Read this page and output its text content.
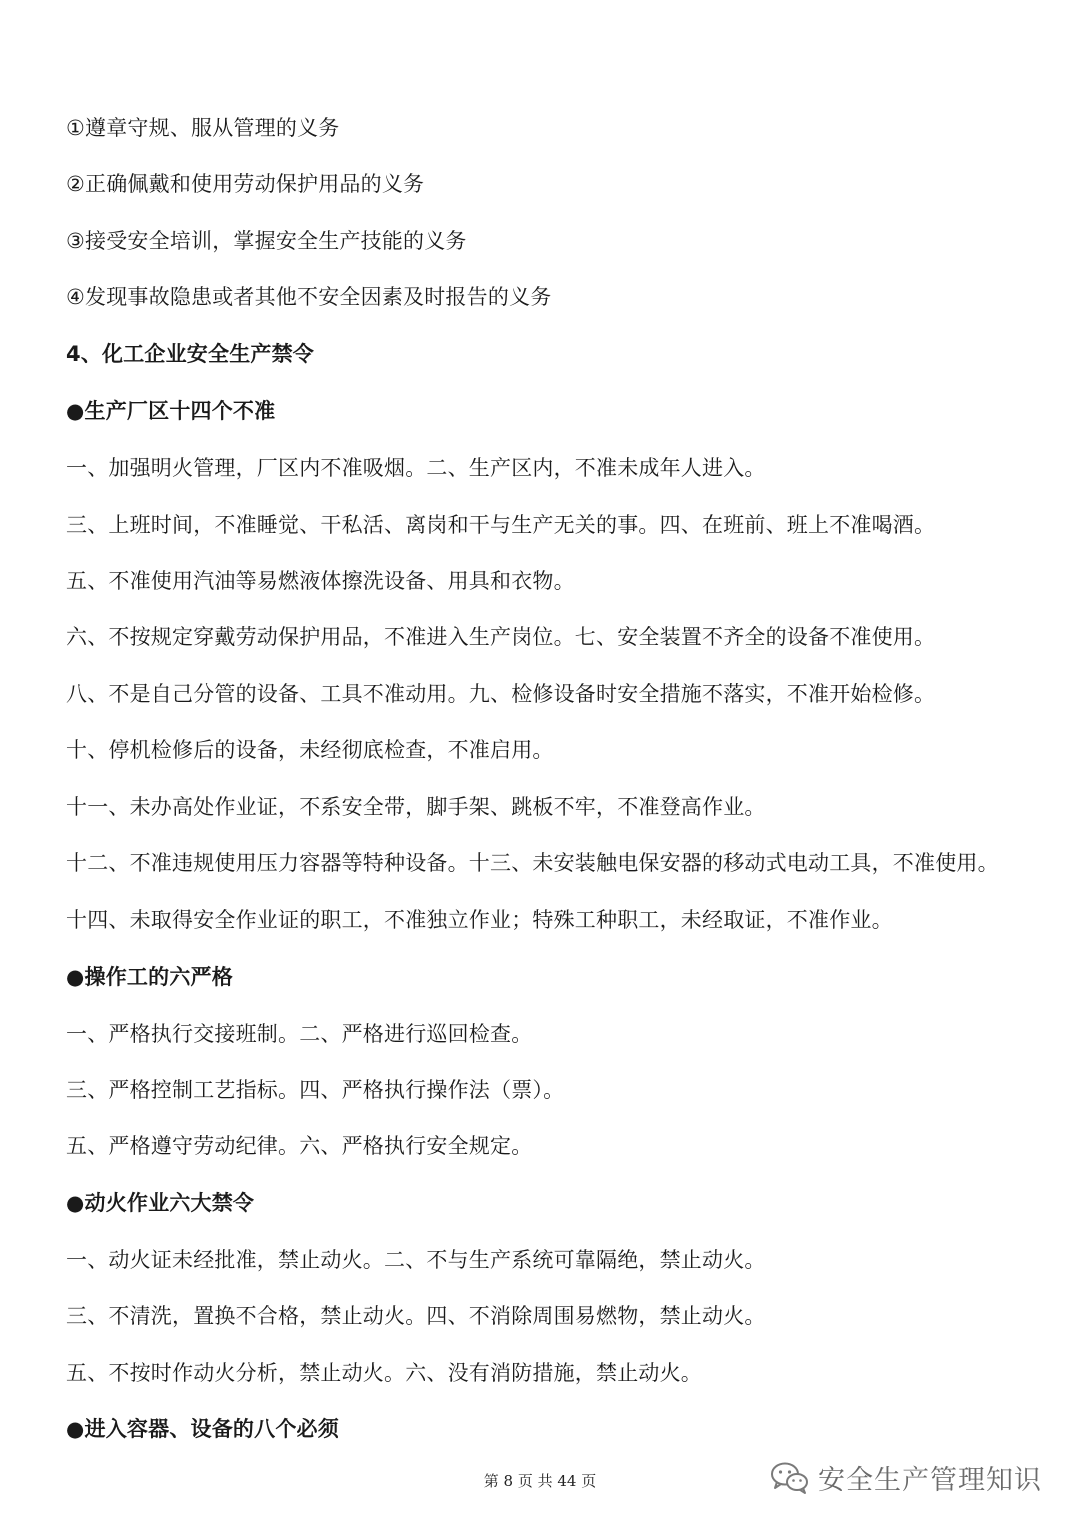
①遵章守规、服从管理的义务
②正确佩戴和使用劳动保护用品的义务
③接受安全培训，掌握安全生产技能的义务
④发现事故隐患或者其他不安全因素及时报告的义务
4、化工企业安全生产禁令
●生产厂区十四个不准
一、加强明火管理，厂区内不准吸烟。二、生产区内，不准未成年人进入。
三、上班时间，不准睡觉、干私活、离岗和干与生产无关的事。四、在班前、班上不准喝酒。
五、不准使用汽油等易燃液体擦洗设备、用具和衣物。
六、不按规定穿戴劳动保护用品，不准进入生产岗位。七、安全装置不齐全的设备不准使用。
八、不是自己分管的设备、工具不准动用。九、检修设备时安全措施不落实，不准开始检修。
十、停机检修后的设备，未经彻底检查，不准启用。
十一、未办高处作业证，不系安全带，脚手架、跳板不牢，不准登高作业。
十二、不准违规使用压力容器等特种设备。十三、未安装触电保安器的移动式电动工具，不准使用。
十四、未取得安全作业证的职工，不准独立作业；特殊工种职工，未经取证，不准作业。
●操作工的六严格
一、严格执行交接班制。二、严格进行巡回检查。
三、严格控制工艺指标。四、严格执行操作法（票）。
五、严格遵守劳动纪律。六、严格执行安全规定。
●动火作业六大禁令
一、动火证未经批准，禁止动火。二、不与生产系统可靠隔绝，禁止动火。
三、不清洗，置换不合格，禁止动火。四、不消除周围易燃物，禁止动火。
五、不按时作动火分析，禁止动火。六、没有消防措施，禁止动火。
●进入容器、设备的八个必须
第 8 页 共 44 页	安全生产管理知识
